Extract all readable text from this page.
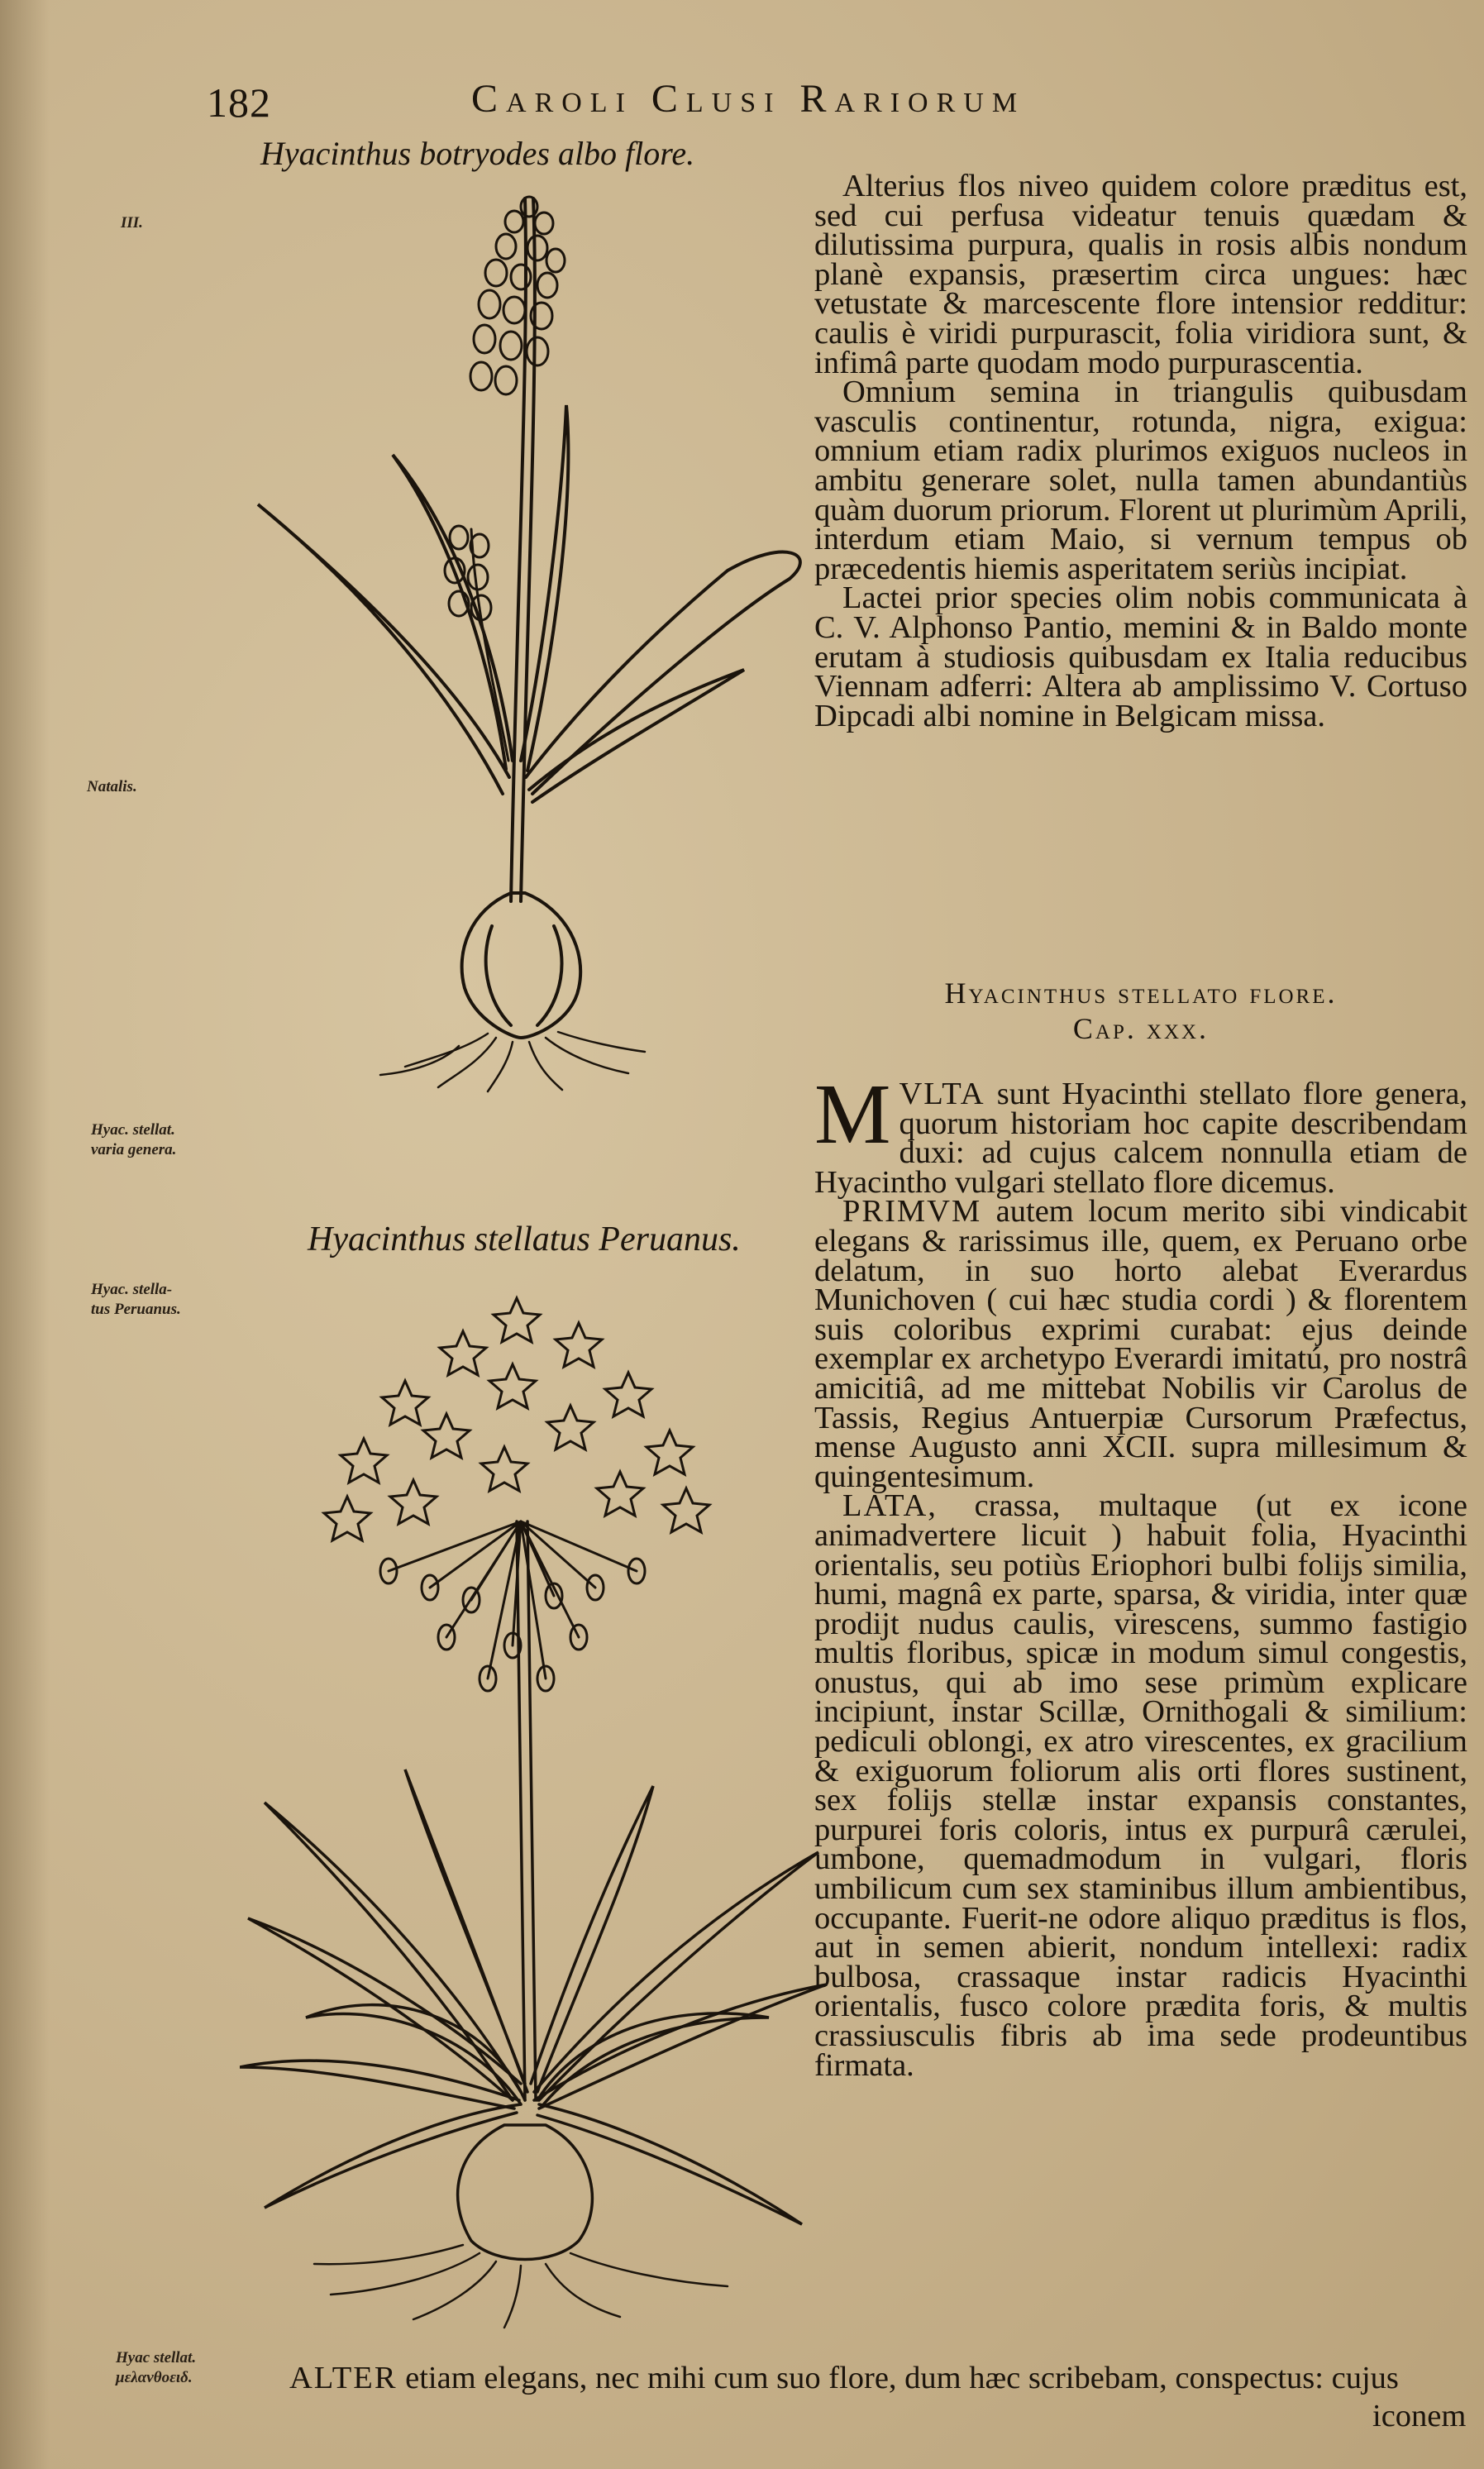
182	Caroli Clusi Rariorum
Hyacinthus botryodes albo flore.
Hyacinthus stellatus Peruanus.
III.
Natalis.
Hyac. stellat.
varia genera.
Hyac. stella-
tus Peruanus.
Hyac stellat.
μελανθοειδ.

Alterius flos niveo quidem colore præditus est, sed cui perfusa videatur tenuis quædam & dilutissima purpura, qualis in rosis albis nondum planè expansis, præsertim circa ungues: hæc vetustate & marcescente flore intensior redditur: caulis è viridi purpurascit, folia viridiora sunt, & infimâ parte quodam modo purpurascentia.

Omnium semina in triangulis quibusdam vasculis continentur, rotunda, nigra, exigua: omnium etiam radix plurimos exiguos nucleos in ambitu generare solet, nulla tamen abundantiùs quàm duorum priorum. Florent ut plurimùm Aprili, interdum etiam Maio, si vernum tempus ob præcedentis hiemis asperitatem seriùs incipiat.

Lactei prior species olim nobis communicata à C. V. Alphonso Pantio, memini & in Baldo monte erutam à studiosis quibusdam ex Italia reducibus Viennam adferri: Altera ab amplissimo V. Cortuso Dipcadi albi nomine in Belgicam missa.

Hyacinthus stellato flore.
Cap. xxx.

MVLTA sunt Hyacinthi stellato flore genera, quorum historiam hoc capite describendam duxi: ad cujus calcem nonnulla etiam de Hyacintho vulgari stellato flore dicemus.

PRIMVM autem locum merito sibi vindicabit elegans & rarissimus ille, quem, ex Peruano orbe delatum, in suo horto alebat Everardus Munichoven ( cui hæc studia cordi ) & florentem suis coloribus exprimi curabat: ejus deinde exemplar ex archetypo Everardi imitatú, pro nostrâ amicitiâ, ad me mittebat Nobilis vir Carolus de Tassis, Regius Antuerpiæ Cursorum Præfectus, mense Augusto anni XCII. supra millesimum & quingentesimum.

LATA, crassa, multaque (ut ex icone animadvertere licuit ) habuit folia, Hyacinthi orientalis, seu potiùs Eriophori bulbi folijs similia, humi, magnâ ex parte, sparsa, & viridia, inter quæ prodijt nudus caulis, virescens, summo fastigio multis floribus, spicæ in modum simul congestis, onustus, qui ab imo sese primùm explicare incipiunt, instar Scillæ, Ornithogali & similium: pediculi oblongi, ex atro virescentes, ex gracilium & exiguorum foliorum alis orti flores sustinent, sex folijs stellæ instar expansis constantes, purpurei foris coloris, intus ex purpurâ cærulei, umbone, quemadmodum in vulgari, floris umbilicum cum sex staminibus illum ambientibus, occupante. Fuerit-ne odore aliquo præditus is flos, aut in semen abierit, nondum intellexi: radix bulbosa, crassaque instar radicis Hyacinthi orientalis, fusco colore prædita foris, & multis crassiusculis fibris ab ima sede prodeuntibus firmata.

ALTER etiam elegans, nec mihi cum suo flore, dum hæc scribebam, conspectus: cujus
iconem
